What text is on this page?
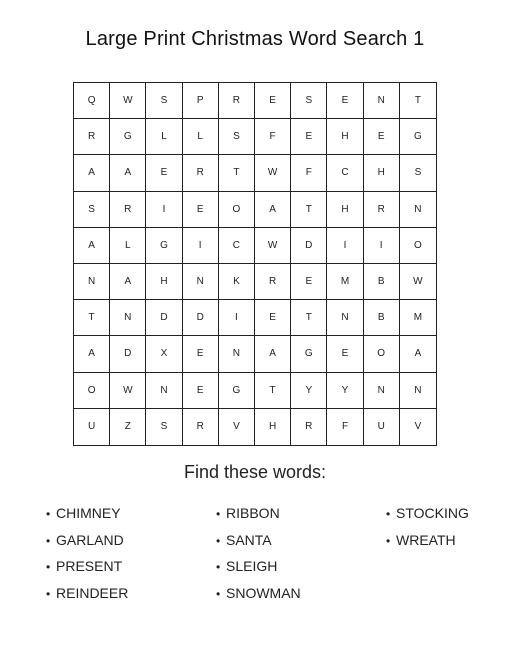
Large Print Christmas Word Search 1
Q	W	S	P	R	E	S	E	N	T
R	G	L	L	S	F	E	H	E	G
A	A	E	R	T	W	F	C	H	S
S	R	I	E	O	A	T	H	R	N
A	L	G	I	C	W	D	I	I	O
N	A	H	N	K	R	E	M	B	W
T	N	D	D	I	E	T	N	B	M
A	D	X	E	N	A	G	E	O	A
O	W	N	E	G	T	Y	Y	N	N
U	Z	S	R	V	H	R	F	U	V
Find these words:
• CHIMNEY
• GARLAND
• PRESENT
• REINDEER
• RIBBON
• SANTA
• SLEIGH
• SNOWMAN
• STOCKING
• WREATH
